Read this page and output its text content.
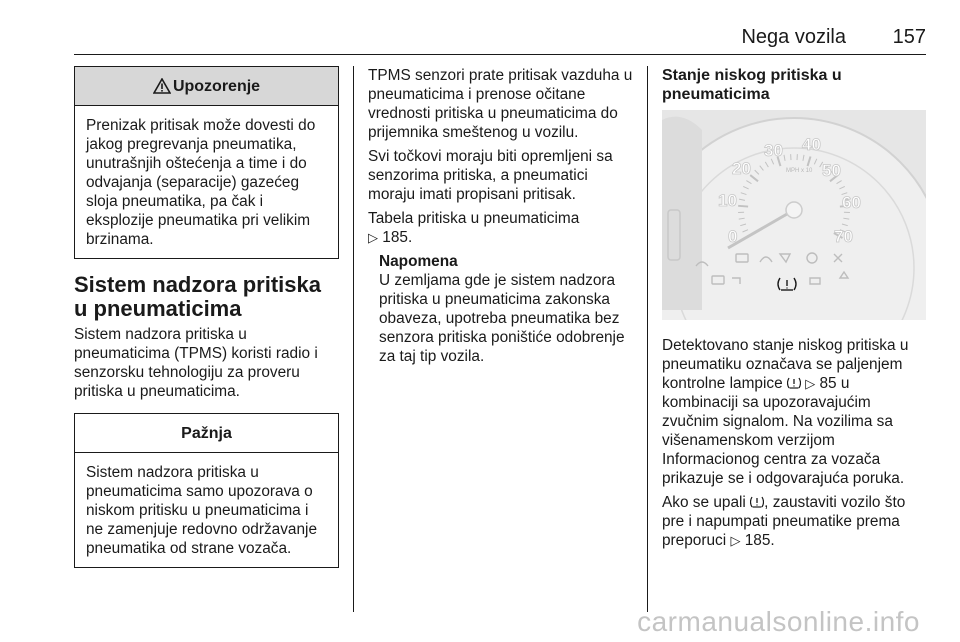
Nega vozila 157
Upozorenje
Prenizak pritisak može dovesti do jakog pregrevanja pneumatika, unutrašnjih oštećenja a time i do odvajanja (separacije) gazećeg sloja pneumatika, pa čak i eksplozije pneumatika pri velikim brzinama.
Sistem nadzora pritiska u pneumaticima

Sistem nadzora pritiska u pneumaticima (TPMS) koristi radio i senzorsku tehnologiju za proveru pritiska u pneumaticima.

Pažnja
Sistem nadzora pritiska u pneumaticima samo upozorava o niskom pritisku u pneumaticima i ne zamenjuje redovno održavanje pneumatika od strane vozača.

TPMS senzori prate pritisak vazduha u pneumaticima i prenose očitane vrednosti pritiska u pneumaticima do prijemnika smeštenog u vozilu.

Svi točkovi moraju biti opremljeni sa senzorima pritiska, a pneumatici moraju imati propisani pritisak.

Tabela pritiska u pneumaticima
▷ 185.

Napomena
U zemljama gde je sistem nadzora pritiska u pneumaticima zakonska obaveza, upotreba pneumatika bez senzora pritiska poništiće odobrenje za taj tip vozila.
Stanje niskog pritiska u pneumaticima
0
10
20
30 40
50
60
70
MPH x 10

Detektovano stanje niskog pritiska u pneumatiku označava se paljenjem kontrolne lampice ▷ 85 u kombinaciji sa upozoravajućim zvučnim signalom. Na vozilima sa višenamenskom verzijom Informacionog centra za vozača prikazuje se i odgovarajuća poruka.

Ako se upali , zaustaviti vozilo što pre i napumpati pneumatike prema preporuci ▷ 185.

carmanualsonline.info
